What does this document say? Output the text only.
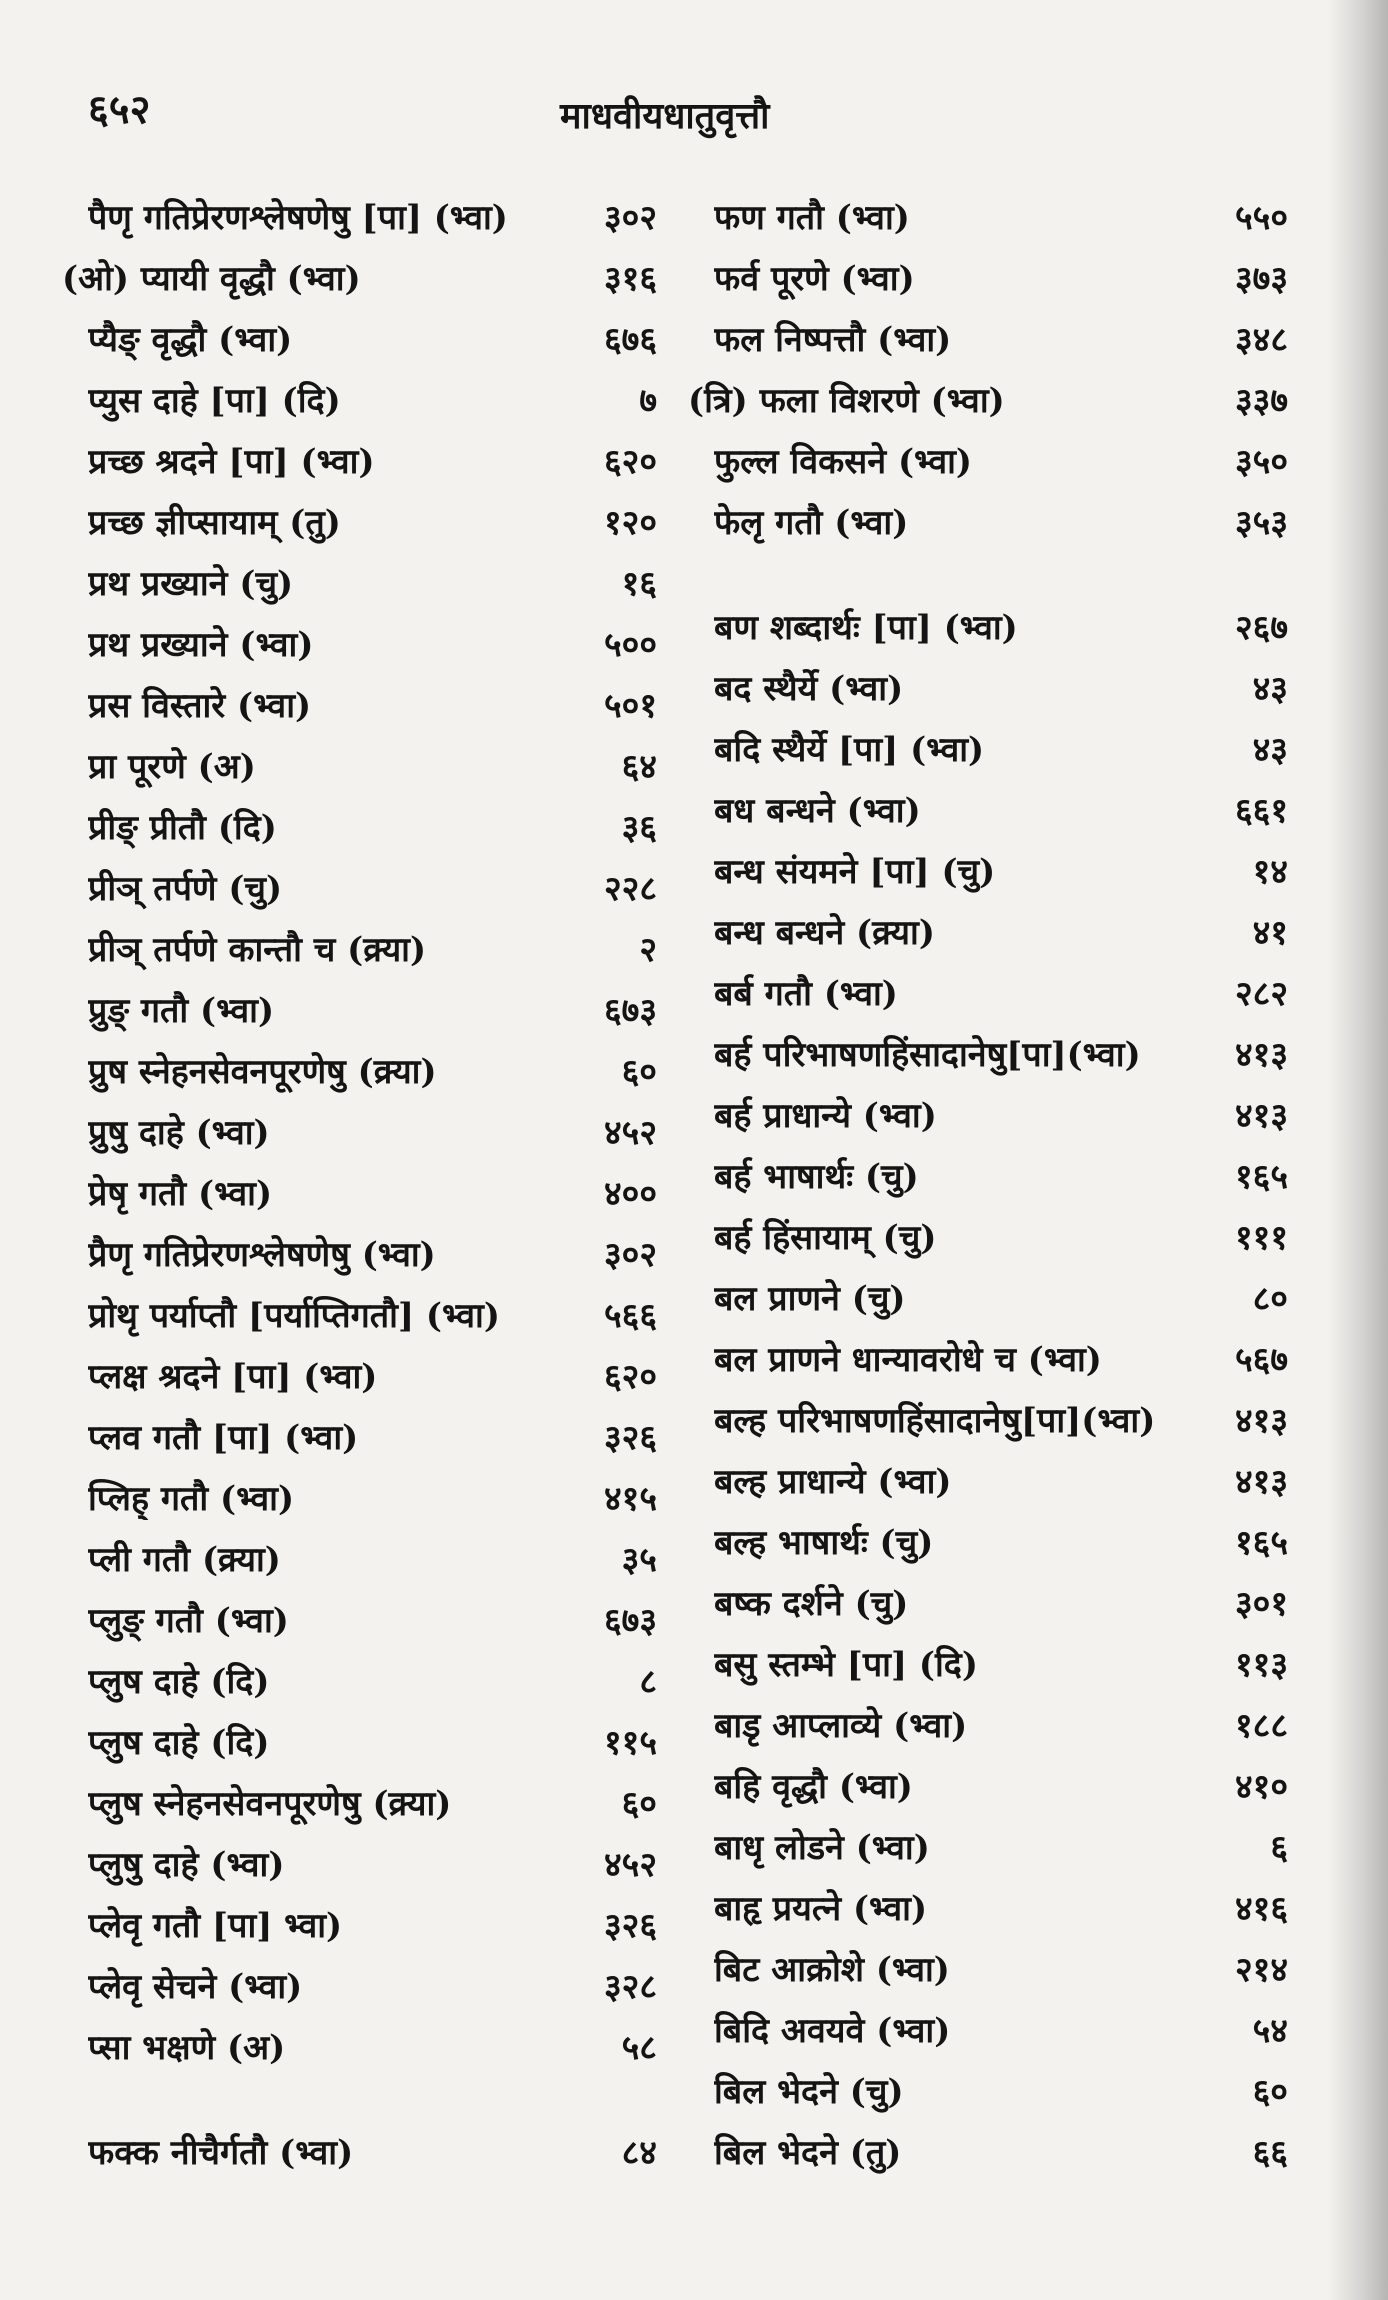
६५२	माधवीयधातुवृत्तौ
पैणृ गतिप्रेरणश्लेषणेषु [पा] (भ्वा)	३०२
(ओ) प्यायी वृद्धौ (भ्वा)	३१६
प्यैङ् वृद्धौ (भ्वा)	६७६
प्युस दाहे [पा] (दि)	७
प्रच्छ श्रदने [पा] (भ्वा)	६२०
प्रच्छ ज्ञीप्सायाम् (तु)	१२०
प्रथ प्रख्याने (चु)	१६
प्रथ प्रख्याने (भ्वा)	५००
प्रस विस्तारे (भ्वा)	५०१
प्रा पूरणे (अ)	६४
प्रीङ् प्रीतौ (दि)	३६
प्रीञ् तर्पणे (चु)	२२८
प्रीञ् तर्पणे कान्तौ च (क्र्या)	२
प्रुङ् गतौ (भ्वा)	६७३
प्रुष स्नेहनसेवनपूरणेषु (क्र्या)	६०
प्रुषु दाहे (भ्वा)	४५२
प्रेषृ गतौ (भ्वा)	४००
प्रैणृ गतिप्रेरणश्लेषणेषु (भ्वा)	३०२
प्रोथृ पर्याप्तौ [पर्याप्तिगतौ] (भ्वा)	५६६
प्लक्ष श्रदने [पा] (भ्वा)	६२०
प्लव गतौ [पा] (भ्वा)	३२६
प्लिह् गतौ (भ्वा)	४१५
प्ली गतौ (क्र्या)	३५
प्लुङ् गतौ (भ्वा)	६७३
प्लुष दाहे (दि)	८
प्लुष दाहे (दि)	११५
प्लुष स्नेहनसेवनपूरणेषु (क्र्या)	६०
प्लुषु दाहे (भ्वा)	४५२
प्लेवृ गतौ [पा] भ्वा)	३२६
प्लेवृ सेचने (भ्वा)	३२८
प्सा भक्षणे (अ)	५८
फक्क नीचैर्गतौ (भ्वा)	८४
फण गतौ (भ्वा)	५५०
फर्व पूरणे (भ्वा)	३७३
फल निष्पत्तौ (भ्वा)	३४८
(त्रि) फला विशरणे (भ्वा)	३३७
फुल्ल विकसने (भ्वा)	३५०
फेलृ गतौ (भ्वा)	३५३
बण शब्दार्थः [पा] (भ्वा)	२६७
बद स्थैर्ये (भ्वा)	४३
बदि स्थैर्ये [पा] (भ्वा)	४३
बध बन्धने (भ्वा)	६६१
बन्ध संयमने [पा] (चु)	१४
बन्ध बन्धने (क्र्या)	४१
बर्ब गतौ (भ्वा)	२८२
बर्ह परिभाषणहिंसादानेषु[पा](भ्वा)	४१३
बर्ह प्राधान्ये (भ्वा)	४१३
बर्ह भाषार्थः (चु)	१६५
बर्ह हिंसायाम् (चु)	१११
बल प्राणने (चु)	८०
बल प्राणने धान्यावरोधे च (भ्वा)	५६७
बल्ह परिभाषणहिंसादानेषु[पा](भ्वा)	४१३
बल्ह प्राधान्ये (भ्वा)	४१३
बल्ह भाषार्थः (चु)	१६५
बष्क दर्शने (चु)	३०१
बसु स्तम्भे [पा] (दि)	११३
बाडृ आप्लाव्ये (भ्वा)	१८८
बहि वृद्धौ (भ्वा)	४१०
बाधृ लोडने (भ्वा)	६
बाहृ प्रयत्ने (भ्वा)	४१६
बिट आक्रोशे (भ्वा)	२१४
बिदि अवयवे (भ्वा)	५४
बिल भेदने (चु)	६०
बिल भेदने (तु)	६६
